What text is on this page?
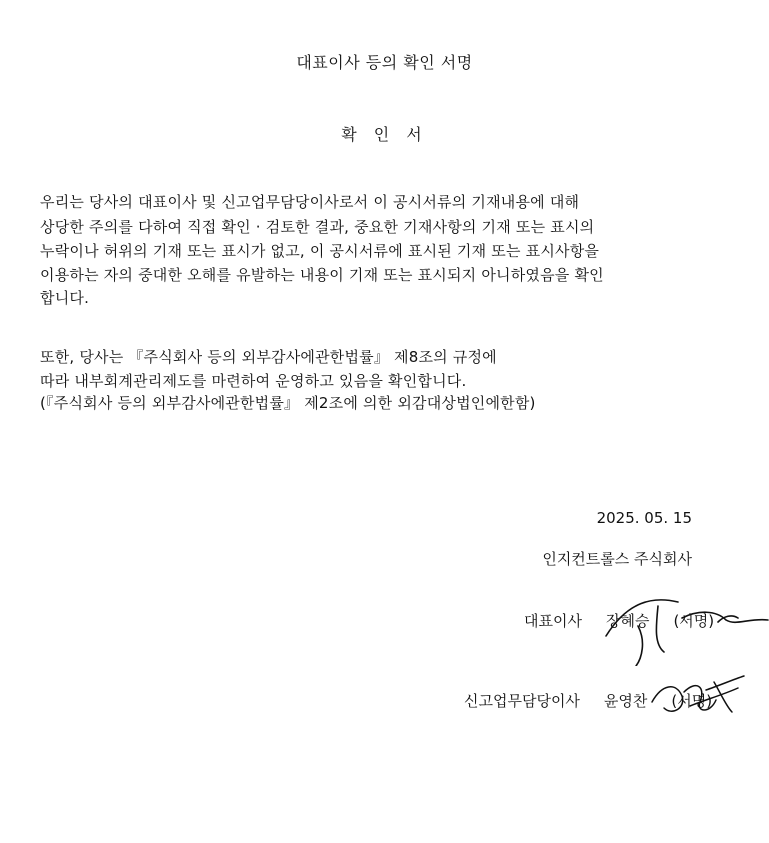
대표이사 등의 확인 서명
확 인 서
우리는 당사의 대표이사 및 신고업무담당이사로서 이 공시서류의 기재내용에 대해
상당한 주의를 다하여 직접 확인 · 검토한 결과, 중요한 기재사항의 기재 또는 표시의
누락이나 허위의 기재 또는 표시가 없고, 이 공시서류에 표시된 기재 또는 표시사항을
이용하는 자의 중대한 오해를 유발하는 내용이 기재 또는 표시되지 아니하였음을 확인
합니다.
또한, 당사는 『주식회사 등의 외부감사에관한법률』 제8조의 규정에
따라 내부회계관리제도를 마련하여 운영하고 있음을 확인합니다.
(『주식회사 등의 외부감사에관한법률』 제2조에 의한 외감대상법인에한함)
2025. 05. 15
인지컨트롤스 주식회사
대표이사 장혜승 (서명)
신고업무담당이사 윤영찬 (서명)
